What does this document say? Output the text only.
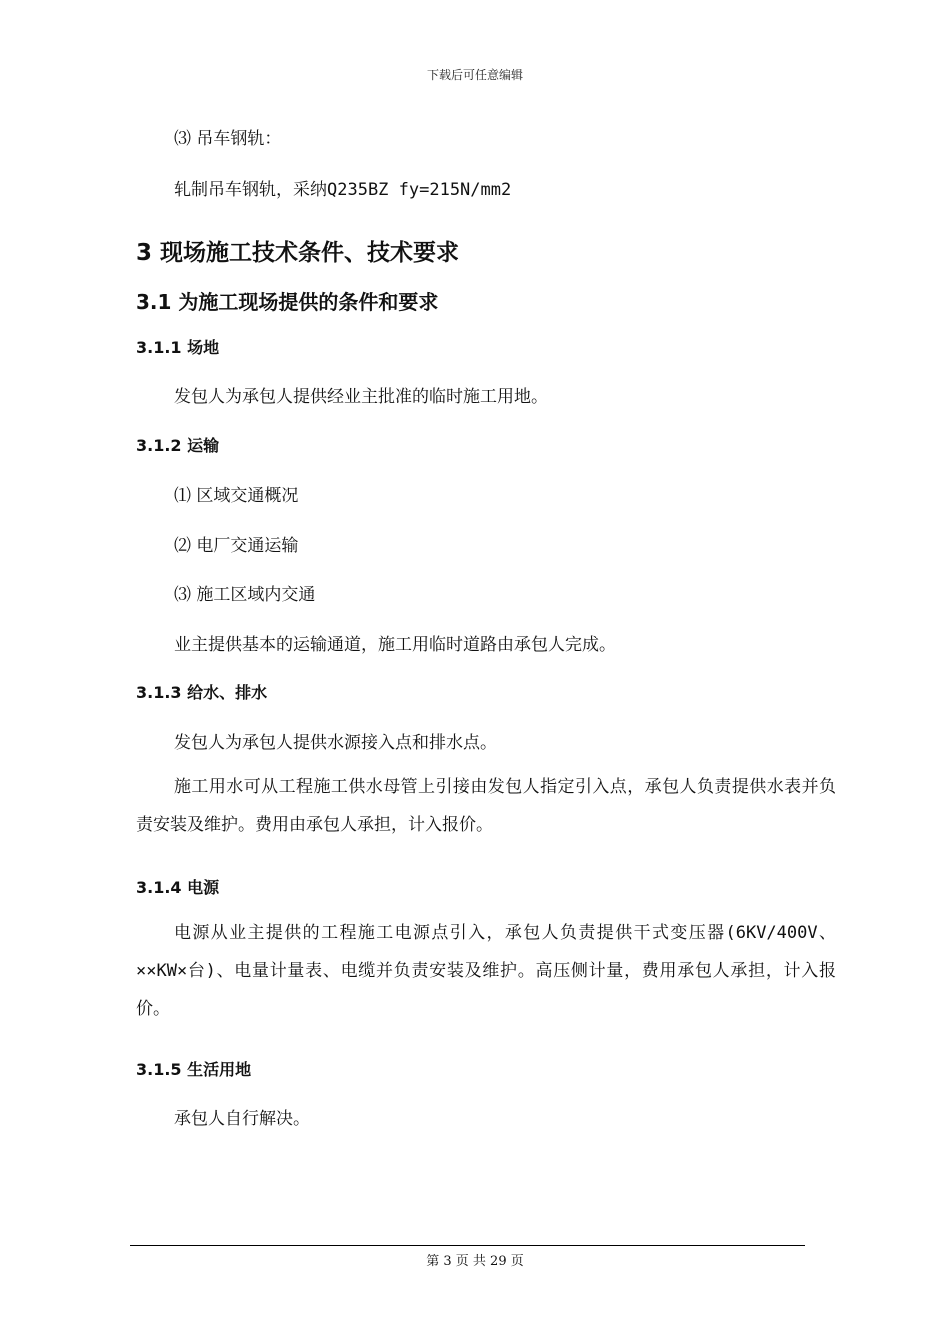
下载后可任意编辑
⑶ 吊车钢轨：
轧制吊车钢轨，采纳Q235BZ fy=215N/mm2
3 现场施工技术条件、技术要求
3.1 为施工现场提供的条件和要求
3.1.1 场地
发包人为承包人提供经业主批准的临时施工用地。
3.1.2 运输
⑴ 区域交通概况
⑵ 电厂交通运输
⑶ 施工区域内交通
业主提供基本的运输通道，施工用临时道路由承包人完成。
3.1.3 给水、排水
发包人为承包人提供水源接入点和排水点。
施工用水可从工程施工供水母管上引接由发包人指定引入点，承包人负责提供水表并负责安装及维护。费用由承包人承担，计入报价。
3.1.4 电源
电源从业主提供的工程施工电源点引入，承包人负责提供干式变压器(6KV/400V、××KW×台)、电量计量表、电缆并负责安装及维护。高压侧计量，费用承包人承担，计入报价。
3.1.5 生活用地
承包人自行解决。
第 3 页 共 29 页
